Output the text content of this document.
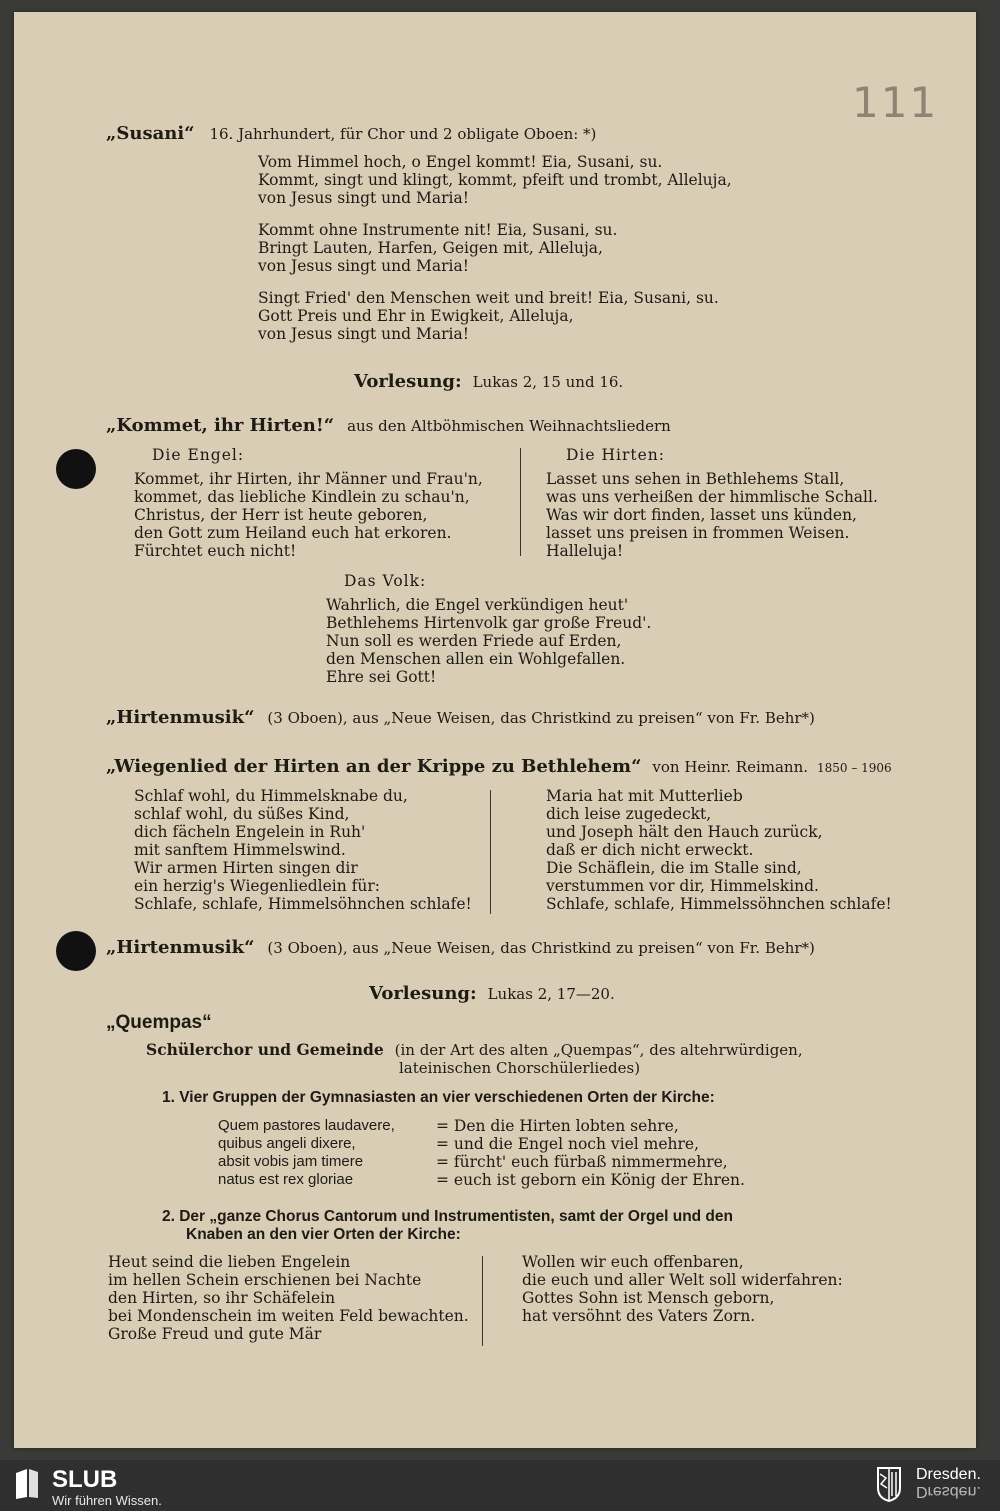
111
„Susani“ 16. Jahrhundert, für Chor und 2 obligate Oboen: *)
Vom Himmel hoch, o Engel kommt! Eia, Susani, su.
Kommt, singt und klingt, kommt, pfeift und trombt, Alleluja,
von Jesus singt und Maria!
Kommt ohne Instrumente nit! Eia, Susani, su.
Bringt Lauten, Harfen, Geigen mit, Alleluja,
von Jesus singt und Maria!
Singt Fried' den Menschen weit und breit! Eia, Susani, su.
Gott Preis und Ehr in Ewigkeit, Alleluja,
von Jesus singt und Maria!
Vorlesung: Lukas 2, 15 und 16.
„Kommet, ihr Hirten!“ aus den Altböhmischen Weihnachtsliedern
Die Engel:
Kommet, ihr Hirten, ihr Männer und Frau'n,
kommet, das liebliche Kindlein zu schau'n,
Christus, der Herr ist heute geboren,
den Gott zum Heiland euch hat erkoren.
Fürchtet euch nicht!
Die Hirten:
Lasset uns sehen in Bethlehems Stall,
was uns verheißen der himmlische Schall.
Was wir dort finden, lasset uns künden,
lasset uns preisen in frommen Weisen.
Halleluja!
Das Volk:
Wahrlich, die Engel verkündigen heut'
Bethlehems Hirtenvolk gar große Freud'.
Nun soll es werden Friede auf Erden,
den Menschen allen ein Wohlgefallen.
Ehre sei Gott!
„Hirtenmusik“ (3 Oboen), aus „Neue Weisen, das Christkind zu preisen“ von Fr. Behr*)
„Wiegenlied der Hirten an der Krippe zu Bethlehem“ von Heinr. Reimann. 1850 – 1906
Schlaf wohl, du Himmelsknabe du,
schlaf wohl, du süßes Kind,
dich fächeln Engelein in Ruh'
mit sanftem Himmelswind.
Wir armen Hirten singen dir
ein herzig's Wiegenliedlein für:
Schlafe, schlafe, Himmelsöhnchen schlafe!
Maria hat mit Mutterlieb
dich leise zugedeckt,
und Joseph hält den Hauch zurück,
daß er dich nicht erweckt.
Die Schäflein, die im Stalle sind,
verstummen vor dir, Himmelskind.
Schlafe, schlafe, Himmelssöhnchen schlafe!
„Hirtenmusik“ (3 Oboen), aus „Neue Weisen, das Christkind zu preisen“ von Fr. Behr*)
Vorlesung: Lukas 2, 17—20.
„Quempas“
Schülerchor und Gemeinde (in der Art des alten „Quempas“, des altehrwürdigen,
lateinischen Chorschülerliedes)
1. Vier Gruppen der Gymnasiasten an vier verschiedenen Orten der Kirche:
Quem pastores laudavere,
quibus angeli dixere,
absit vobis jam timere
natus est rex gloriae
= Den die Hirten lobten sehre,
= und die Engel noch viel mehre,
= fürcht' euch fürbaß nimmermehre,
= euch ist geborn ein König der Ehren.
2. Der „ganze Chorus Cantorum und Instrumentisten, samt der Orgel und den
Knaben an den vier Orten der Kirche:
Heut seind die lieben Engelein
im hellen Schein erschienen bei Nachte
den Hirten, so ihr Schäfelein
bei Mondenschein im weiten Feld bewachten.
Große Freud und gute Mär
Wollen wir euch offenbaren,
die euch und aller Welt soll widerfahren:
Gottes Sohn ist Mensch geborn,
hat versöhnt des Vaters Zorn.
SLUB
Wir führen Wissen.
Dresden.
Dresden.
